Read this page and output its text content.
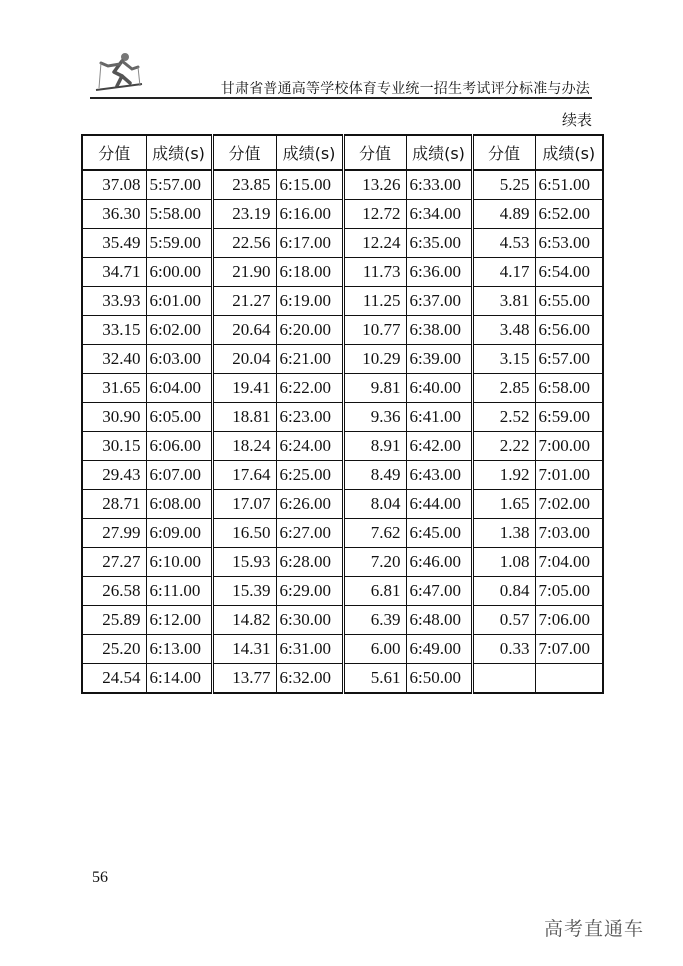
甘肃省普通高等学校体育专业统一招生考试评分标准与办法
续表
分值	成绩(s)	分值	成绩(s)	分值	成绩(s)	分值	成绩(s)
37.08	5:57.00	23.85	6:15.00	13.26	6:33.00	5.25	6:51.00
36.30	5:58.00	23.19	6:16.00	12.72	6:34.00	4.89	6:52.00
35.49	5:59.00	22.56	6:17.00	12.24	6:35.00	4.53	6:53.00
34.71	6:00.00	21.90	6:18.00	11.73	6:36.00	4.17	6:54.00
33.93	6:01.00	21.27	6:19.00	11.25	6:37.00	3.81	6:55.00
33.15	6:02.00	20.64	6:20.00	10.77	6:38.00	3.48	6:56.00
32.40	6:03.00	20.04	6:21.00	10.29	6:39.00	3.15	6:57.00
31.65	6:04.00	19.41	6:22.00	9.81	6:40.00	2.85	6:58.00
30.90	6:05.00	18.81	6:23.00	9.36	6:41.00	2.52	6:59.00
30.15	6:06.00	18.24	6:24.00	8.91	6:42.00	2.22	7:00.00
29.43	6:07.00	17.64	6:25.00	8.49	6:43.00	1.92	7:01.00
28.71	6:08.00	17.07	6:26.00	8.04	6:44.00	1.65	7:02.00
27.99	6:09.00	16.50	6:27.00	7.62	6:45.00	1.38	7:03.00
27.27	6:10.00	15.93	6:28.00	7.20	6:46.00	1.08	7:04.00
26.58	6:11.00	15.39	6:29.00	6.81	6:47.00	0.84	7:05.00
25.89	6:12.00	14.82	6:30.00	6.39	6:48.00	0.57	7:06.00
25.20	6:13.00	14.31	6:31.00	6.00	6:49.00	0.33	7:07.00
24.54	6:14.00	13.77	6:32.00	5.61	6:50.00		
56
高考直通车
